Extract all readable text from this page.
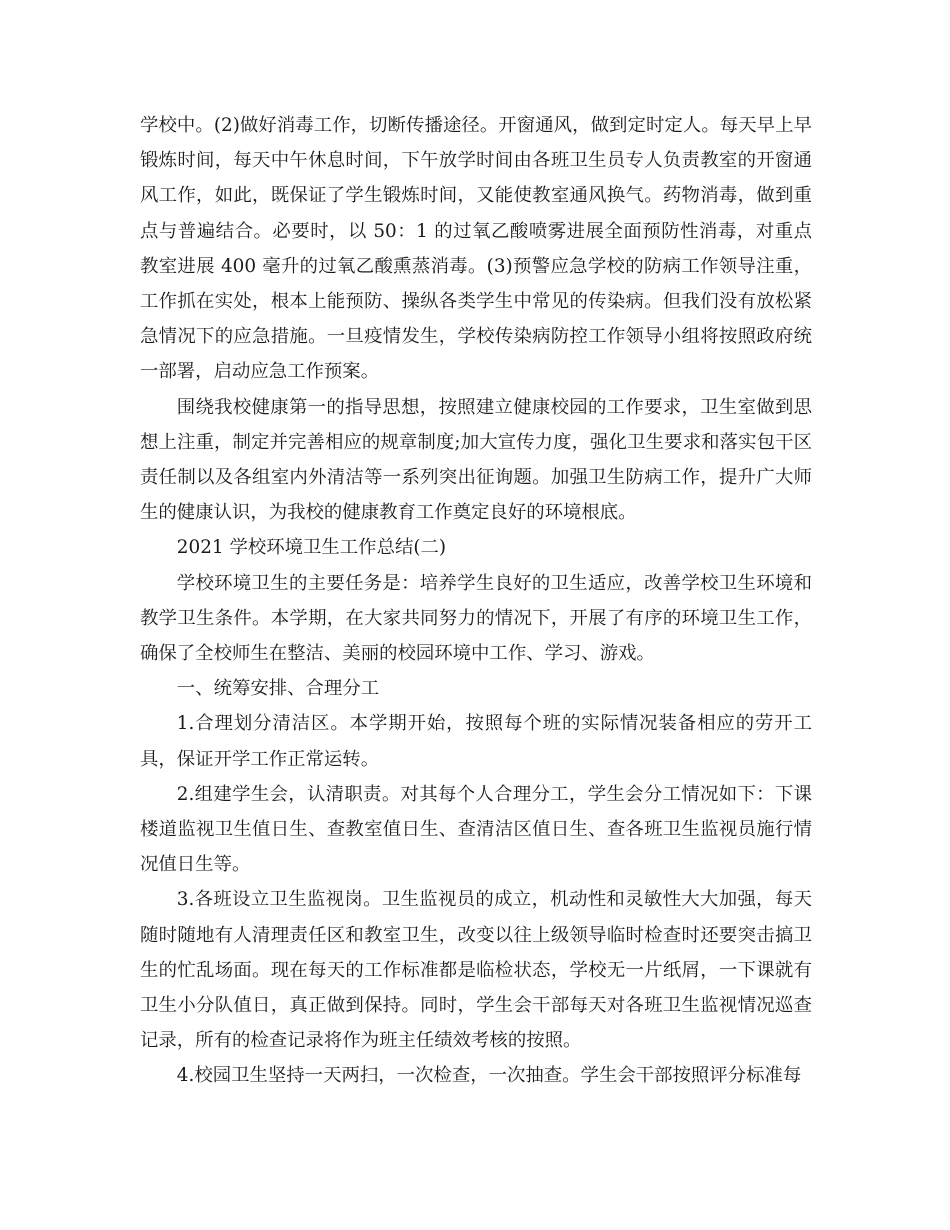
学校中。(2)做好消毒工作，切断传播途径。开窗通风，做到定时定人。每天早上早锻炼时间，每天中午休息时间，下午放学时间由各班卫生员专人负责教室的开窗通风工作，如此，既保证了学生锻炼时间，又能使教室通风换气。药物消毒，做到重点与普遍结合。必要时，以 50：1 的过氧乙酸喷雾进展全面预防性消毒，对重点教室进展 400 毫升的过氧乙酸熏蒸消毒。(3)预警应急学校的防病工作领导注重，工作抓在实处，根本上能预防、操纵各类学生中常见的传染病。但我们没有放松紧急情况下的应急措施。一旦疫情发生，学校传染病防控工作领导小组将按照政府统一部署，启动应急工作预案。

围绕我校健康第一的指导思想，按照建立健康校园的工作要求，卫生室做到思想上注重，制定并完善相应的规章制度;加大宣传力度，强化卫生要求和落实包干区责任制以及各组室内外清洁等一系列突出征询题。加强卫生防病工作，提升广大师生的健康认识，为我校的健康教育工作奠定良好的环境根底。

2021 学校环境卫生工作总结(二)

学校环境卫生的主要任务是：培养学生良好的卫生适应，改善学校卫生环境和教学卫生条件。本学期，在大家共同努力的情况下，开展了有序的环境卫生工作，确保了全校师生在整洁、美丽的校园环境中工作、学习、游戏。

一、统筹安排、合理分工

1.合理划分清洁区。本学期开始，按照每个班的实际情况装备相应的劳开工具，保证开学工作正常运转。

2.组建学生会，认清职责。对其每个人合理分工，学生会分工情况如下：下课楼道监视卫生值日生、查教室值日生、查清洁区值日生、查各班卫生监视员施行情况值日生等。

3.各班设立卫生监视岗。卫生监视员的成立，机动性和灵敏性大大加强，每天随时随地有人清理责任区和教室卫生，改变以往上级领导临时检查时还要突击搞卫生的忙乱场面。现在每天的工作标准都是临检状态，学校无一片纸屑，一下课就有卫生小分队值日，真正做到保持。同时，学生会干部每天对各班卫生监视情况巡查记录，所有的检查记录将作为班主任绩效考核的按照。

4.校园卫生坚持一天两扫，一次检查，一次抽查。学生会干部按照评分标准每
